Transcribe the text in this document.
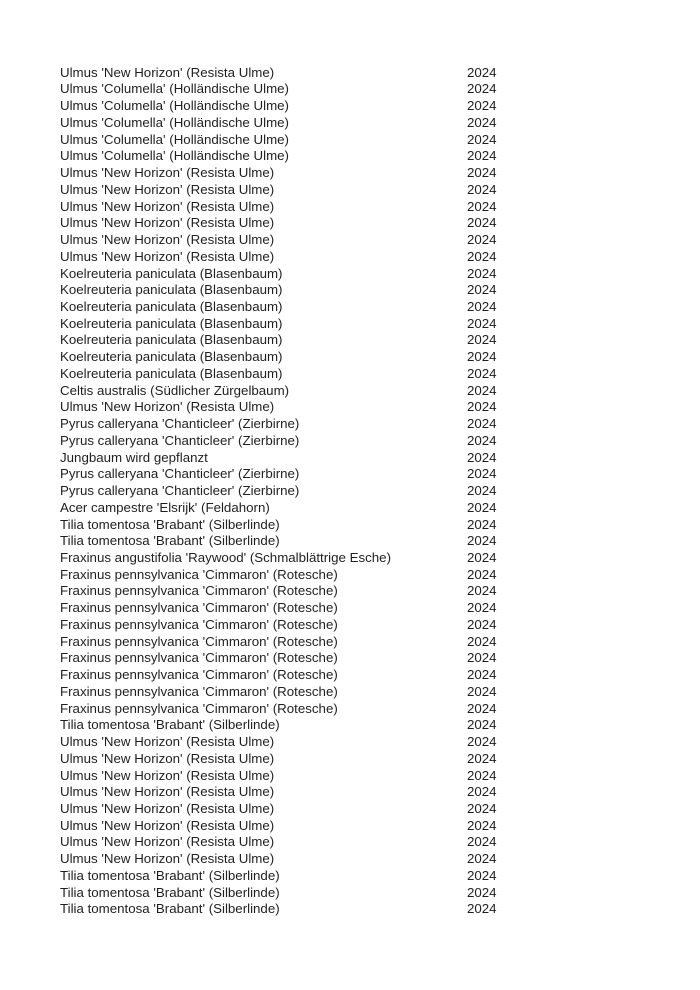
Ulmus 'New Horizon' (Resista Ulme)	2024
Ulmus 'Columella' (Holländische Ulme)	2024
Ulmus 'Columella' (Holländische Ulme)	2024
Ulmus 'Columella' (Holländische Ulme)	2024
Ulmus 'Columella' (Holländische Ulme)	2024
Ulmus 'Columella' (Holländische Ulme)	2024
Ulmus 'New Horizon' (Resista Ulme)	2024
Ulmus 'New Horizon' (Resista Ulme)	2024
Ulmus 'New Horizon' (Resista Ulme)	2024
Ulmus 'New Horizon' (Resista Ulme)	2024
Ulmus 'New Horizon' (Resista Ulme)	2024
Ulmus 'New Horizon' (Resista Ulme)	2024
Koelreuteria paniculata (Blasenbaum)	2024
Koelreuteria paniculata (Blasenbaum)	2024
Koelreuteria paniculata (Blasenbaum)	2024
Koelreuteria paniculata (Blasenbaum)	2024
Koelreuteria paniculata (Blasenbaum)	2024
Koelreuteria paniculata (Blasenbaum)	2024
Koelreuteria paniculata (Blasenbaum)	2024
Celtis australis (Südlicher Zürgelbaum)	2024
Ulmus 'New Horizon' (Resista Ulme)	2024
Pyrus calleryana 'Chanticleer' (Zierbirne)	2024
Pyrus calleryana 'Chanticleer' (Zierbirne)	2024
Jungbaum wird gepflanzt	2024
Pyrus calleryana 'Chanticleer' (Zierbirne)	2024
Pyrus calleryana 'Chanticleer' (Zierbirne)	2024
Acer campestre 'Elsrijk' (Feldahorn)	2024
Tilia tomentosa 'Brabant' (Silberlinde)	2024
Tilia tomentosa 'Brabant' (Silberlinde)	2024
Fraxinus angustifolia 'Raywood' (Schmalblättrige Esche)	2024
Fraxinus pennsylvanica 'Cimmaron' (Rotesche)	2024
Fraxinus pennsylvanica 'Cimmaron' (Rotesche)	2024
Fraxinus pennsylvanica 'Cimmaron' (Rotesche)	2024
Fraxinus pennsylvanica 'Cimmaron' (Rotesche)	2024
Fraxinus pennsylvanica 'Cimmaron' (Rotesche)	2024
Fraxinus pennsylvanica 'Cimmaron' (Rotesche)	2024
Fraxinus pennsylvanica 'Cimmaron' (Rotesche)	2024
Fraxinus pennsylvanica 'Cimmaron' (Rotesche)	2024
Fraxinus pennsylvanica 'Cimmaron' (Rotesche)	2024
Tilia tomentosa 'Brabant' (Silberlinde)	2024
Ulmus 'New Horizon' (Resista Ulme)	2024
Ulmus 'New Horizon' (Resista Ulme)	2024
Ulmus 'New Horizon' (Resista Ulme)	2024
Ulmus 'New Horizon' (Resista Ulme)	2024
Ulmus 'New Horizon' (Resista Ulme)	2024
Ulmus 'New Horizon' (Resista Ulme)	2024
Ulmus 'New Horizon' (Resista Ulme)	2024
Ulmus 'New Horizon' (Resista Ulme)	2024
Tilia tomentosa 'Brabant' (Silberlinde)	2024
Tilia tomentosa 'Brabant' (Silberlinde)	2024
Tilia tomentosa 'Brabant' (Silberlinde)	2024
